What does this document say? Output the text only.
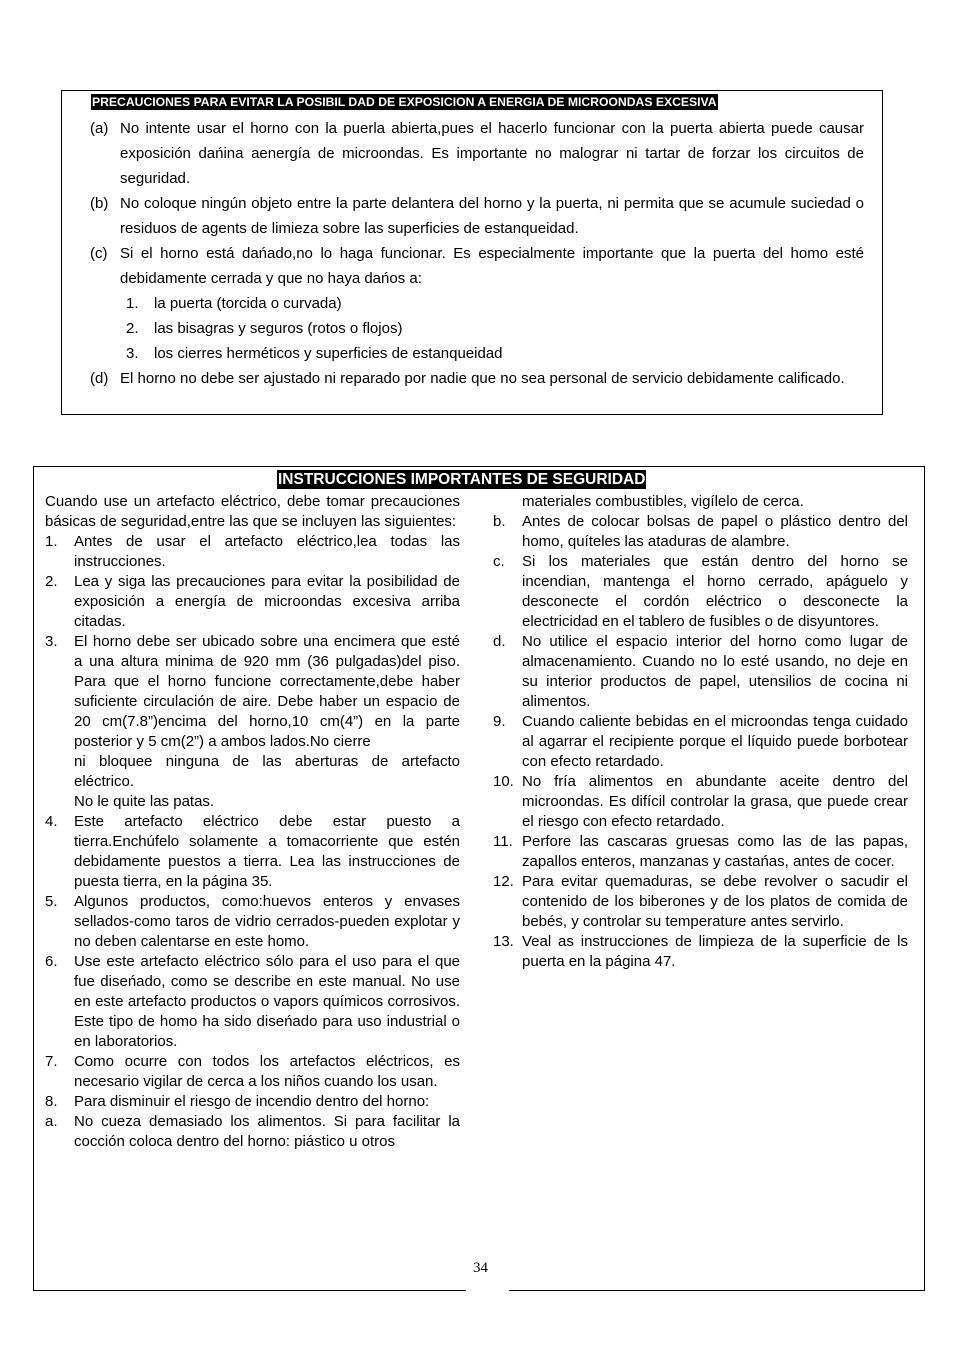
PRECAUCIONES PARA EVITAR LA POSIBIL DAD DE EXPOSICION A ENERGIA DE MICROONDAS EXCESIVA
(a) No intente usar el horno con la puerla abierta,pues el hacerlo funcionar con la puerta abierta puede causar exposición dańina aenergía de microondas. Es importante no malograr ni tartar de forzar los circuitos de seguridad.
(b) No coloque ningún objeto entre la parte delantera del horno y la puerta, ni permita que se acumule suciedad o residuos de agents de limieza sobre las superficies de estanqueidad.
(c) Si el horno está dańado,no lo haga funcionar. Es especialmente importante que la puerta del homo esté debidamente cerrada y que no haya dańos a:
1. la puerta (torcida o curvada)
2. las bisagras y seguros (rotos o flojos)
3. los cierres herméticos y superficies de estanqueidad
(d) El horno no debe ser ajustado ni reparado por nadie que no sea personal de servicio debidamente calificado.
INSTRUCCIONES IMPORTANTES DE SEGURIDAD
Cuando use un artefacto eléctrico, debe tomar precauciones básicas de seguridad,entre las que se incluyen las siguientes:
1. Antes de usar el artefacto eléctrico,lea todas las instrucciones.
2. Lea y siga las precauciones para evitar la posibilidad de exposición a energía de microondas excesiva arriba citadas.
3. El horno debe ser ubicado sobre una encimera que esté a una altura minima de 920 mm (36 pulgadas)del piso. Para que el horno funcione correctamente,debe haber suficiente circulación de aire. Debe haber un espacio de 20 cm(7.8”)encima del horno,10 cm(4”) en la parte posterior y 5 cm(2”) a ambos lados.No cierre
ni bloquee ninguna de las aberturas de artefacto eléctrico.
No le quite las patas.
4. Este artefacto eléctrico debe estar puesto a tierra.Enchúfelo solamente a tomacorriente que estén debidamente puestos a tierra. Lea las instrucciones de puesta tierra, en la página 35.
5. Algunos productos, como:huevos enteros y envases sellados-como taros de vidrio cerrados-pueden explotar y no deben calentarse en este homo.
6. Use este artefacto eléctrico sólo para el uso para el que fue diseńado, como se describe en este manual. No use en este artefacto productos o vapors químicos corrosivos. Este tipo de homo ha sido diseńado para uso industrial o en laboratorios.
7. Como ocurre con todos los artefactos eléctricos, es necesario vigilar de cerca a los niños cuando los usan.
8. Para disminuir el riesgo de incendio dentro del horno:
a. No cueza demasiado los alimentos. Si para facilitar la cocción coloca dentro del horno: piástico u otros
materiales combustibles, vigílelo de cerca.
b. Antes de colocar bolsas de papel o plástico dentro del homo, quíteles las ataduras de alambre.
c. Si los materiales que están dentro del horno se incendian, mantenga el horno cerrado, apáguelo y desconecte el cordón eléctrico o desconecte la electricidad en el tablero de fusibles o de disyuntores.
d. No utilice el espacio interior del horno como lugar de almacenamiento. Cuando no lo esté usando, no deje en su interior productos de papel, utensilios de cocina ni alimentos.
9. Cuando caliente bebidas en el microondas tenga cuidado al agarrar el recipiente porque el líquido puede borbotear con efecto retardado.
10. No fría alimentos en abundante aceite dentro del microondas. Es difícil controlar la grasa, que puede crear el riesgo con efecto retardado.
11. Perfore las cascaras gruesas como las de las papas, zapallos enteros, manzanas y castańas, antes de cocer.
12. Para evitar quemaduras, se debe revolver o sacudir el contenido de los biberones y de los platos de comida de bebés, y controlar su temperature antes servirlo.
13. Veal as instrucciones de limpieza de la superficie de ls puerta en la página 47.
34
